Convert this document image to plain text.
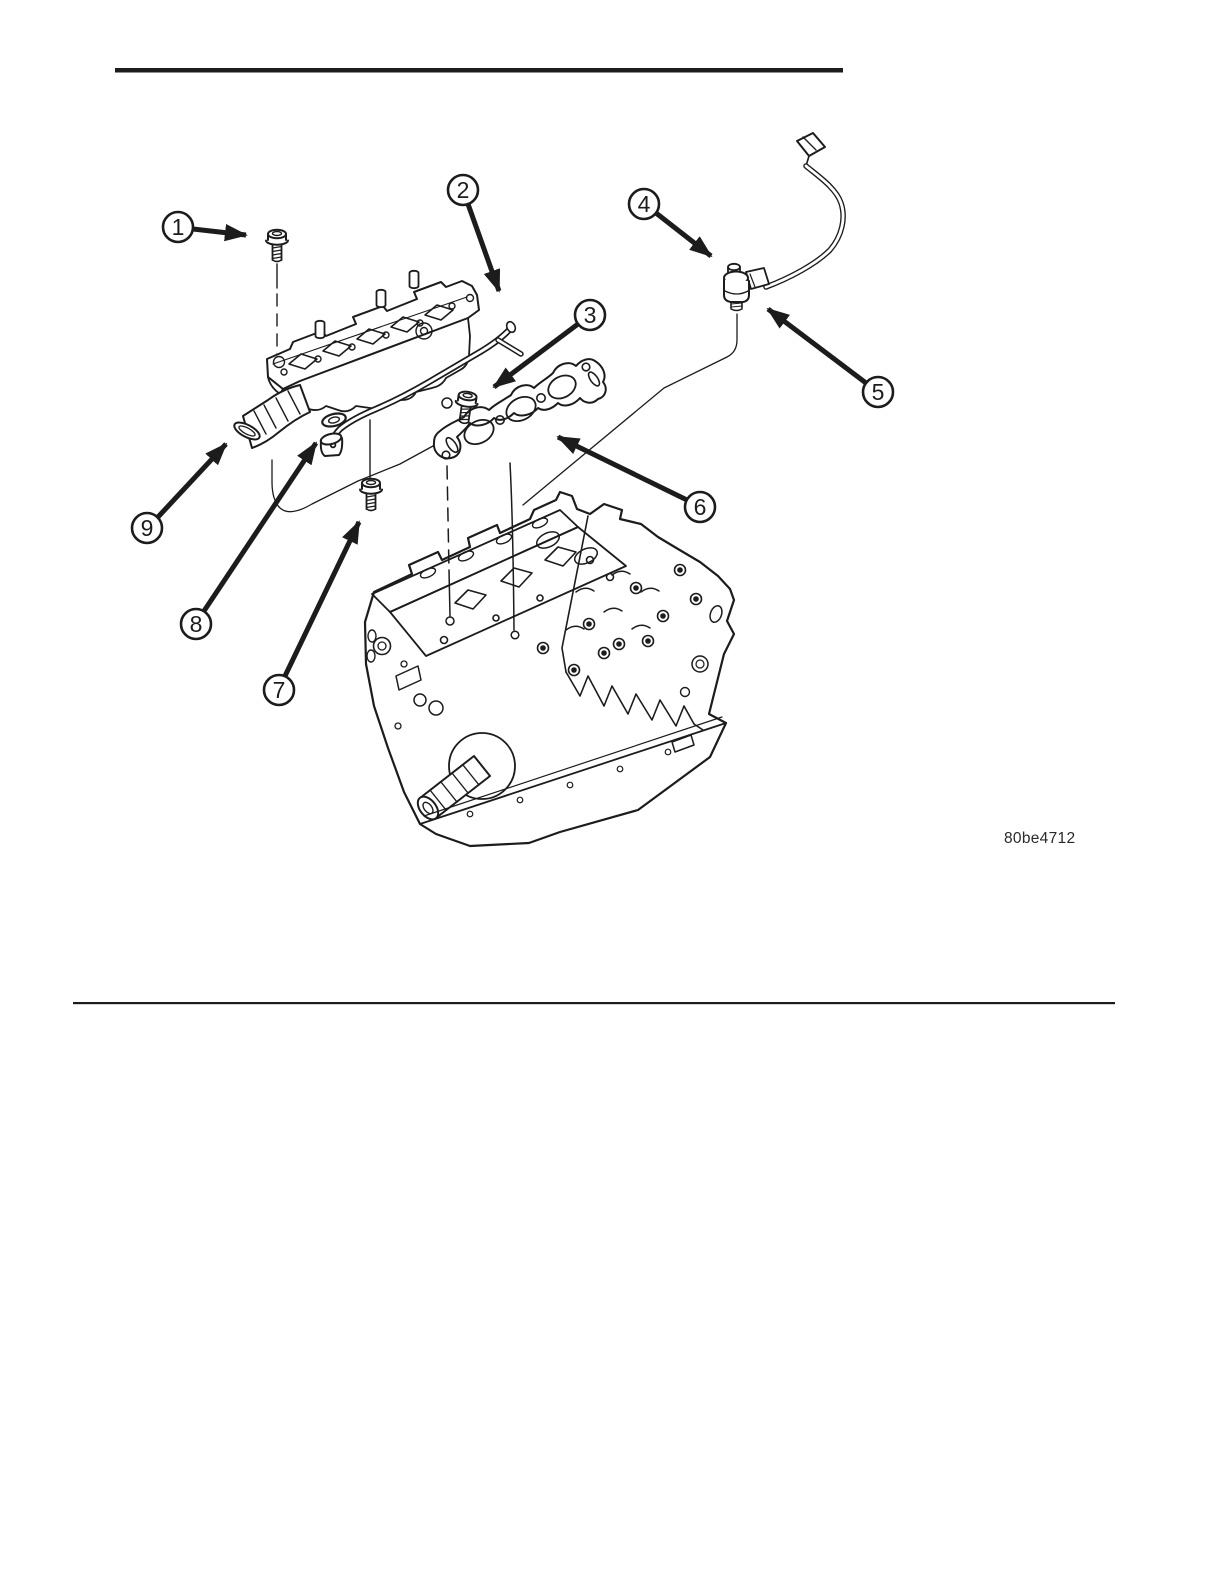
1
2
3
4
5
6
7
8
9
80be4712
